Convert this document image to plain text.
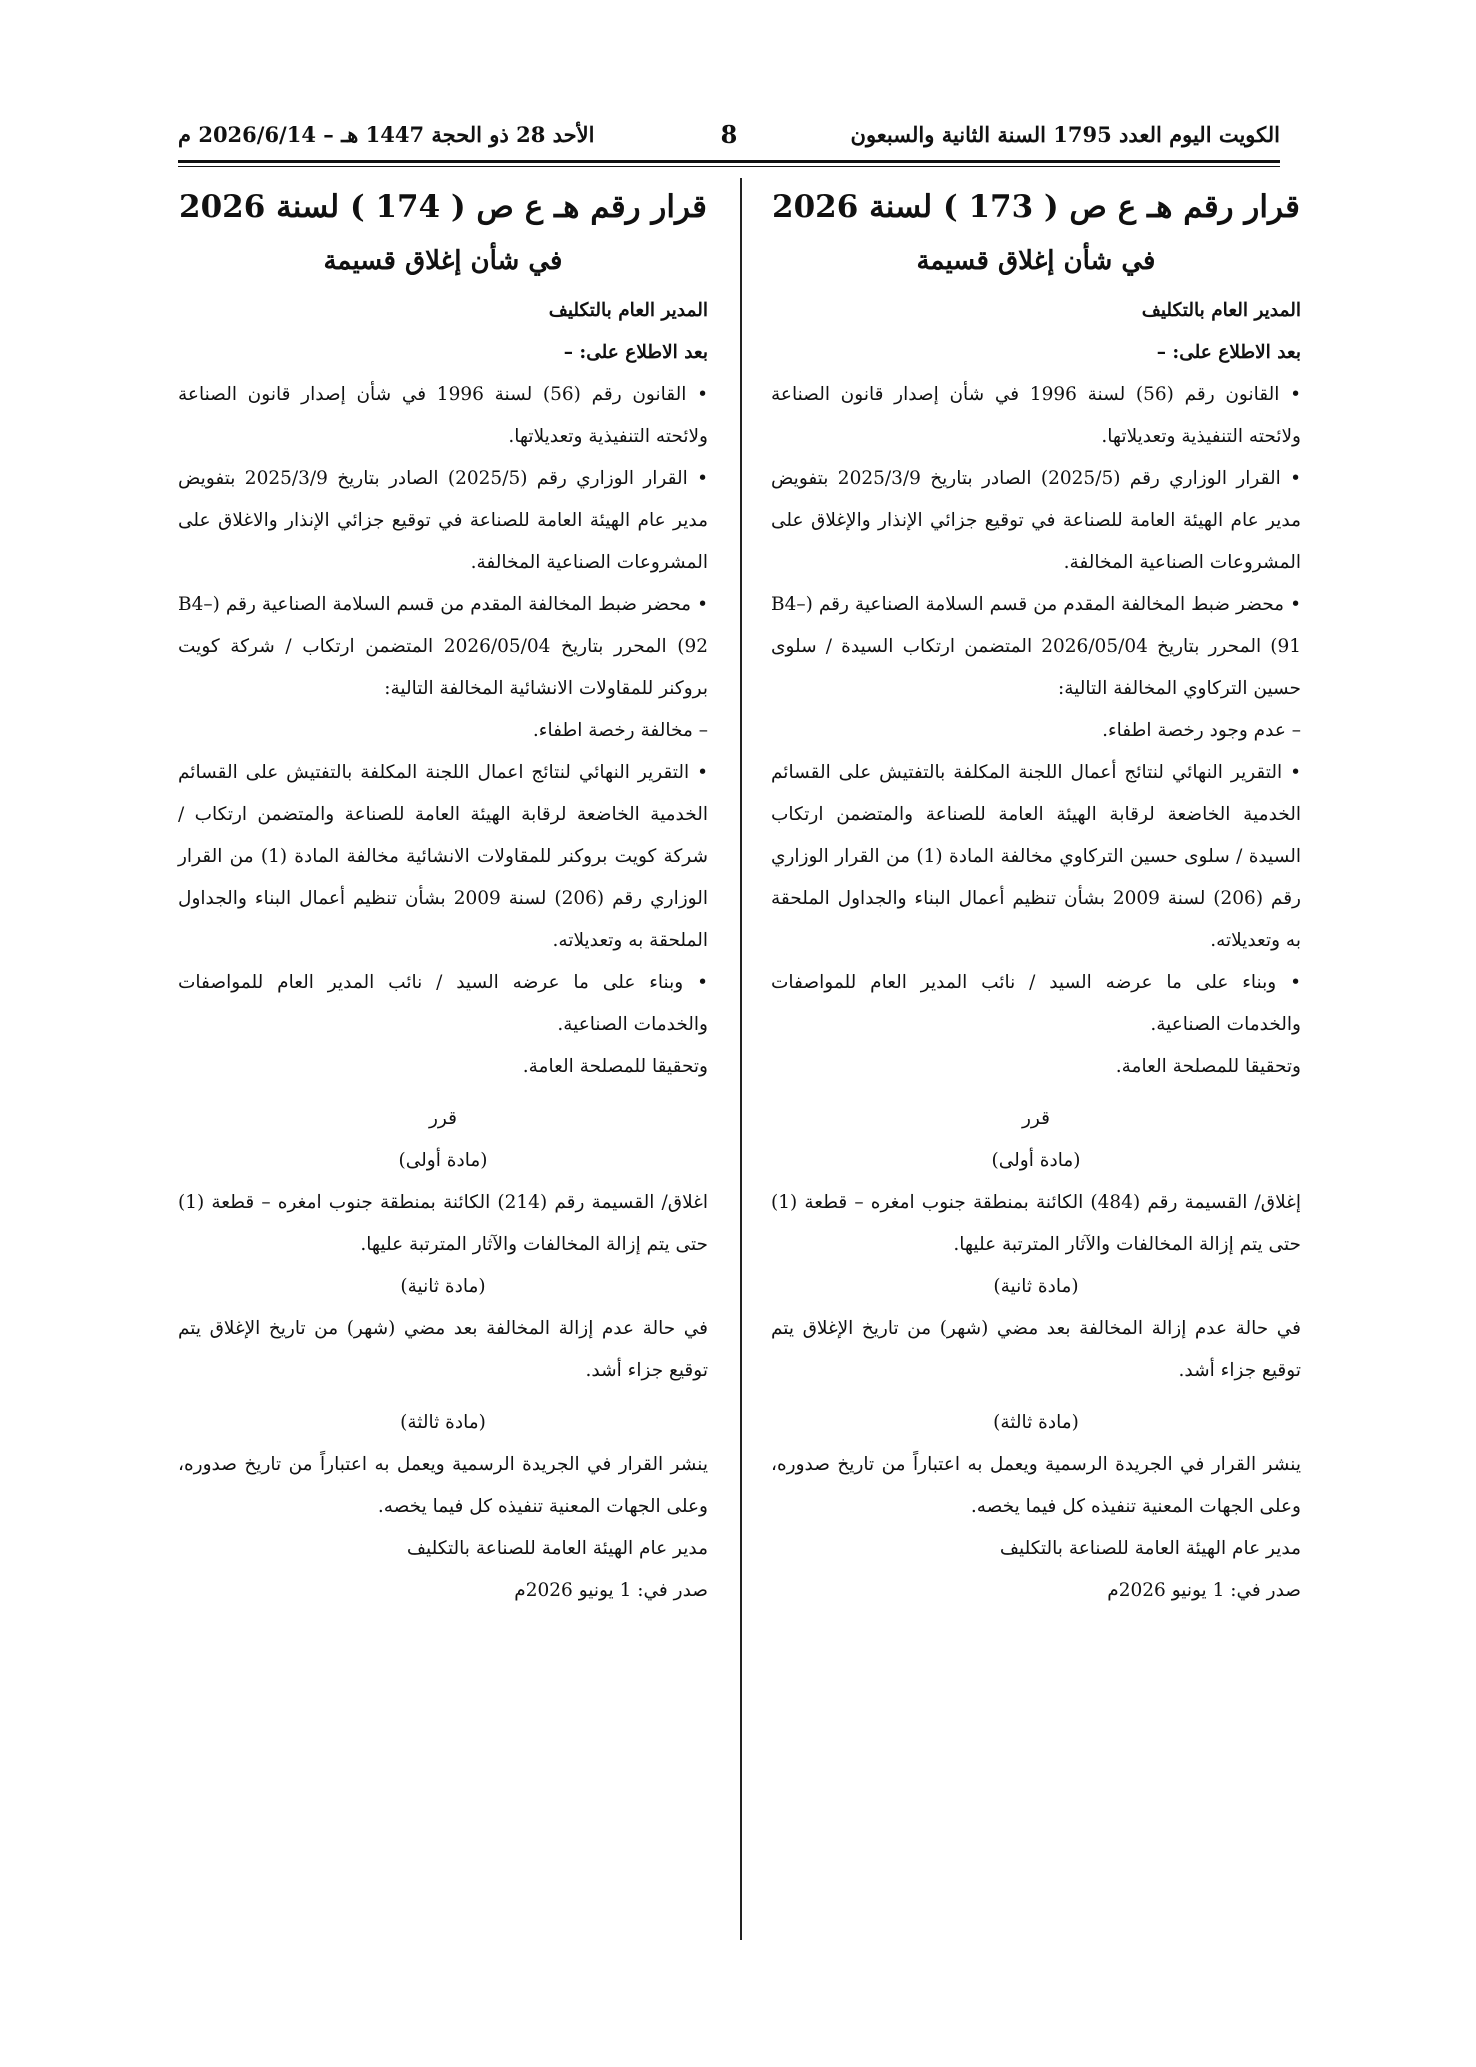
الكويت اليوم العدد 1795 السنة الثانية والسبعون
8
الأحد 28 ذو الحجة 1447 هـ – 2026/6/14 م
قرار رقم هـ ع ص ( 173 ) لسنة 2026
في شأن إغلاق قسيمة

المدير العام بالتكليف

بعد الاطلاع على: –

• القانون رقم (56) لسنة 1996 في شأن إصدار قانون الصناعة ولائحته التنفيذية وتعديلاتها.

• القرار الوزاري رقم (2025/5) الصادر بتاريخ 2025/3/9 بتفويض مدير عام الهيئة العامة للصناعة في توقيع جزائي الإنذار والإغلاق على المشروعات الصناعية المخالفة.

• محضر ضبط المخالفة المقدم من قسم السلامة الصناعية رقم (B4–91) المحرر بتاريخ 2026/05/04 المتضمن ارتكاب السيدة / سلوى حسين التركاوي المخالفة التالية:

– عدم وجود رخصة اطفاء.

• التقرير النهائي لنتائج أعمال اللجنة المكلفة بالتفتيش على القسائم الخدمية الخاضعة لرقابة الهيئة العامة للصناعة والمتضمن ارتكاب السيدة / سلوى حسين التركاوي مخالفة المادة (1) من القرار الوزاري رقم (206) لسنة 2009 بشأن تنظيم أعمال البناء والجداول الملحقة به وتعديلاته.

• وبناء على ما عرضه السيد / نائب المدير العام للمواصفات والخدمات الصناعية.

وتحقيقا للمصلحة العامة.

قرر

(مادة أولى)

إغلاق/ القسيمة رقم (484) الكائنة بمنطقة جنوب امغره – قطعة (1) حتى يتم إزالة المخالفات والآثار المترتبة عليها.

(مادة ثانية)

في حالة عدم إزالة المخالفة بعد مضي (شهر) من تاريخ الإغلاق يتم توقيع جزاء أشد.

(مادة ثالثة)

ينشر القرار في الجريدة الرسمية ويعمل به اعتباراً من تاريخ صدوره، وعلى الجهات المعنية تنفيذه كل فيما يخصه.

مدير عام الهيئة العامة للصناعة بالتكليف

صدر في: 1 يونيو 2026م

قرار رقم هـ ع ص ( 174 ) لسنة 2026
في شأن إغلاق قسيمة

المدير العام بالتكليف

بعد الاطلاع على: –

• القانون رقم (56) لسنة 1996 في شأن إصدار قانون الصناعة ولائحته التنفيذية وتعديلاتها.

• القرار الوزاري رقم (2025/5) الصادر بتاريخ 2025/3/9 بتفويض مدير عام الهيئة العامة للصناعة في توقيع جزائي الإنذار والاغلاق على المشروعات الصناعية المخالفة.

• محضر ضبط المخالفة المقدم من قسم السلامة الصناعية رقم (B4–92) المحرر بتاريخ 2026/05/04 المتضمن ارتكاب / شركة كويت بروكنر للمقاولات الانشائية المخالفة التالية:

– مخالفة رخصة اطفاء.

• التقرير النهائي لنتائج اعمال اللجنة المكلفة بالتفتيش على القسائم الخدمية الخاضعة لرقابة الهيئة العامة للصناعة والمتضمن ارتكاب / شركة كويت بروكنر للمقاولات الانشائية مخالفة المادة (1) من القرار الوزاري رقم (206) لسنة 2009 بشأن تنظيم أعمال البناء والجداول الملحقة به وتعديلاته.

• وبناء على ما عرضه السيد / نائب المدير العام للمواصفات والخدمات الصناعية.

وتحقيقا للمصلحة العامة.

قرر

(مادة أولى)

اغلاق/ القسيمة رقم (214) الكائنة بمنطقة جنوب امغره – قطعة (1) حتى يتم إزالة المخالفات والآثار المترتبة عليها.

(مادة ثانية)

في حالة عدم إزالة المخالفة بعد مضي (شهر) من تاريخ الإغلاق يتم توقيع جزاء أشد.

(مادة ثالثة)

ينشر القرار في الجريدة الرسمية ويعمل به اعتباراً من تاريخ صدوره، وعلى الجهات المعنية تنفيذه كل فيما يخصه.

مدير عام الهيئة العامة للصناعة بالتكليف

صدر في: 1 يونيو 2026م
